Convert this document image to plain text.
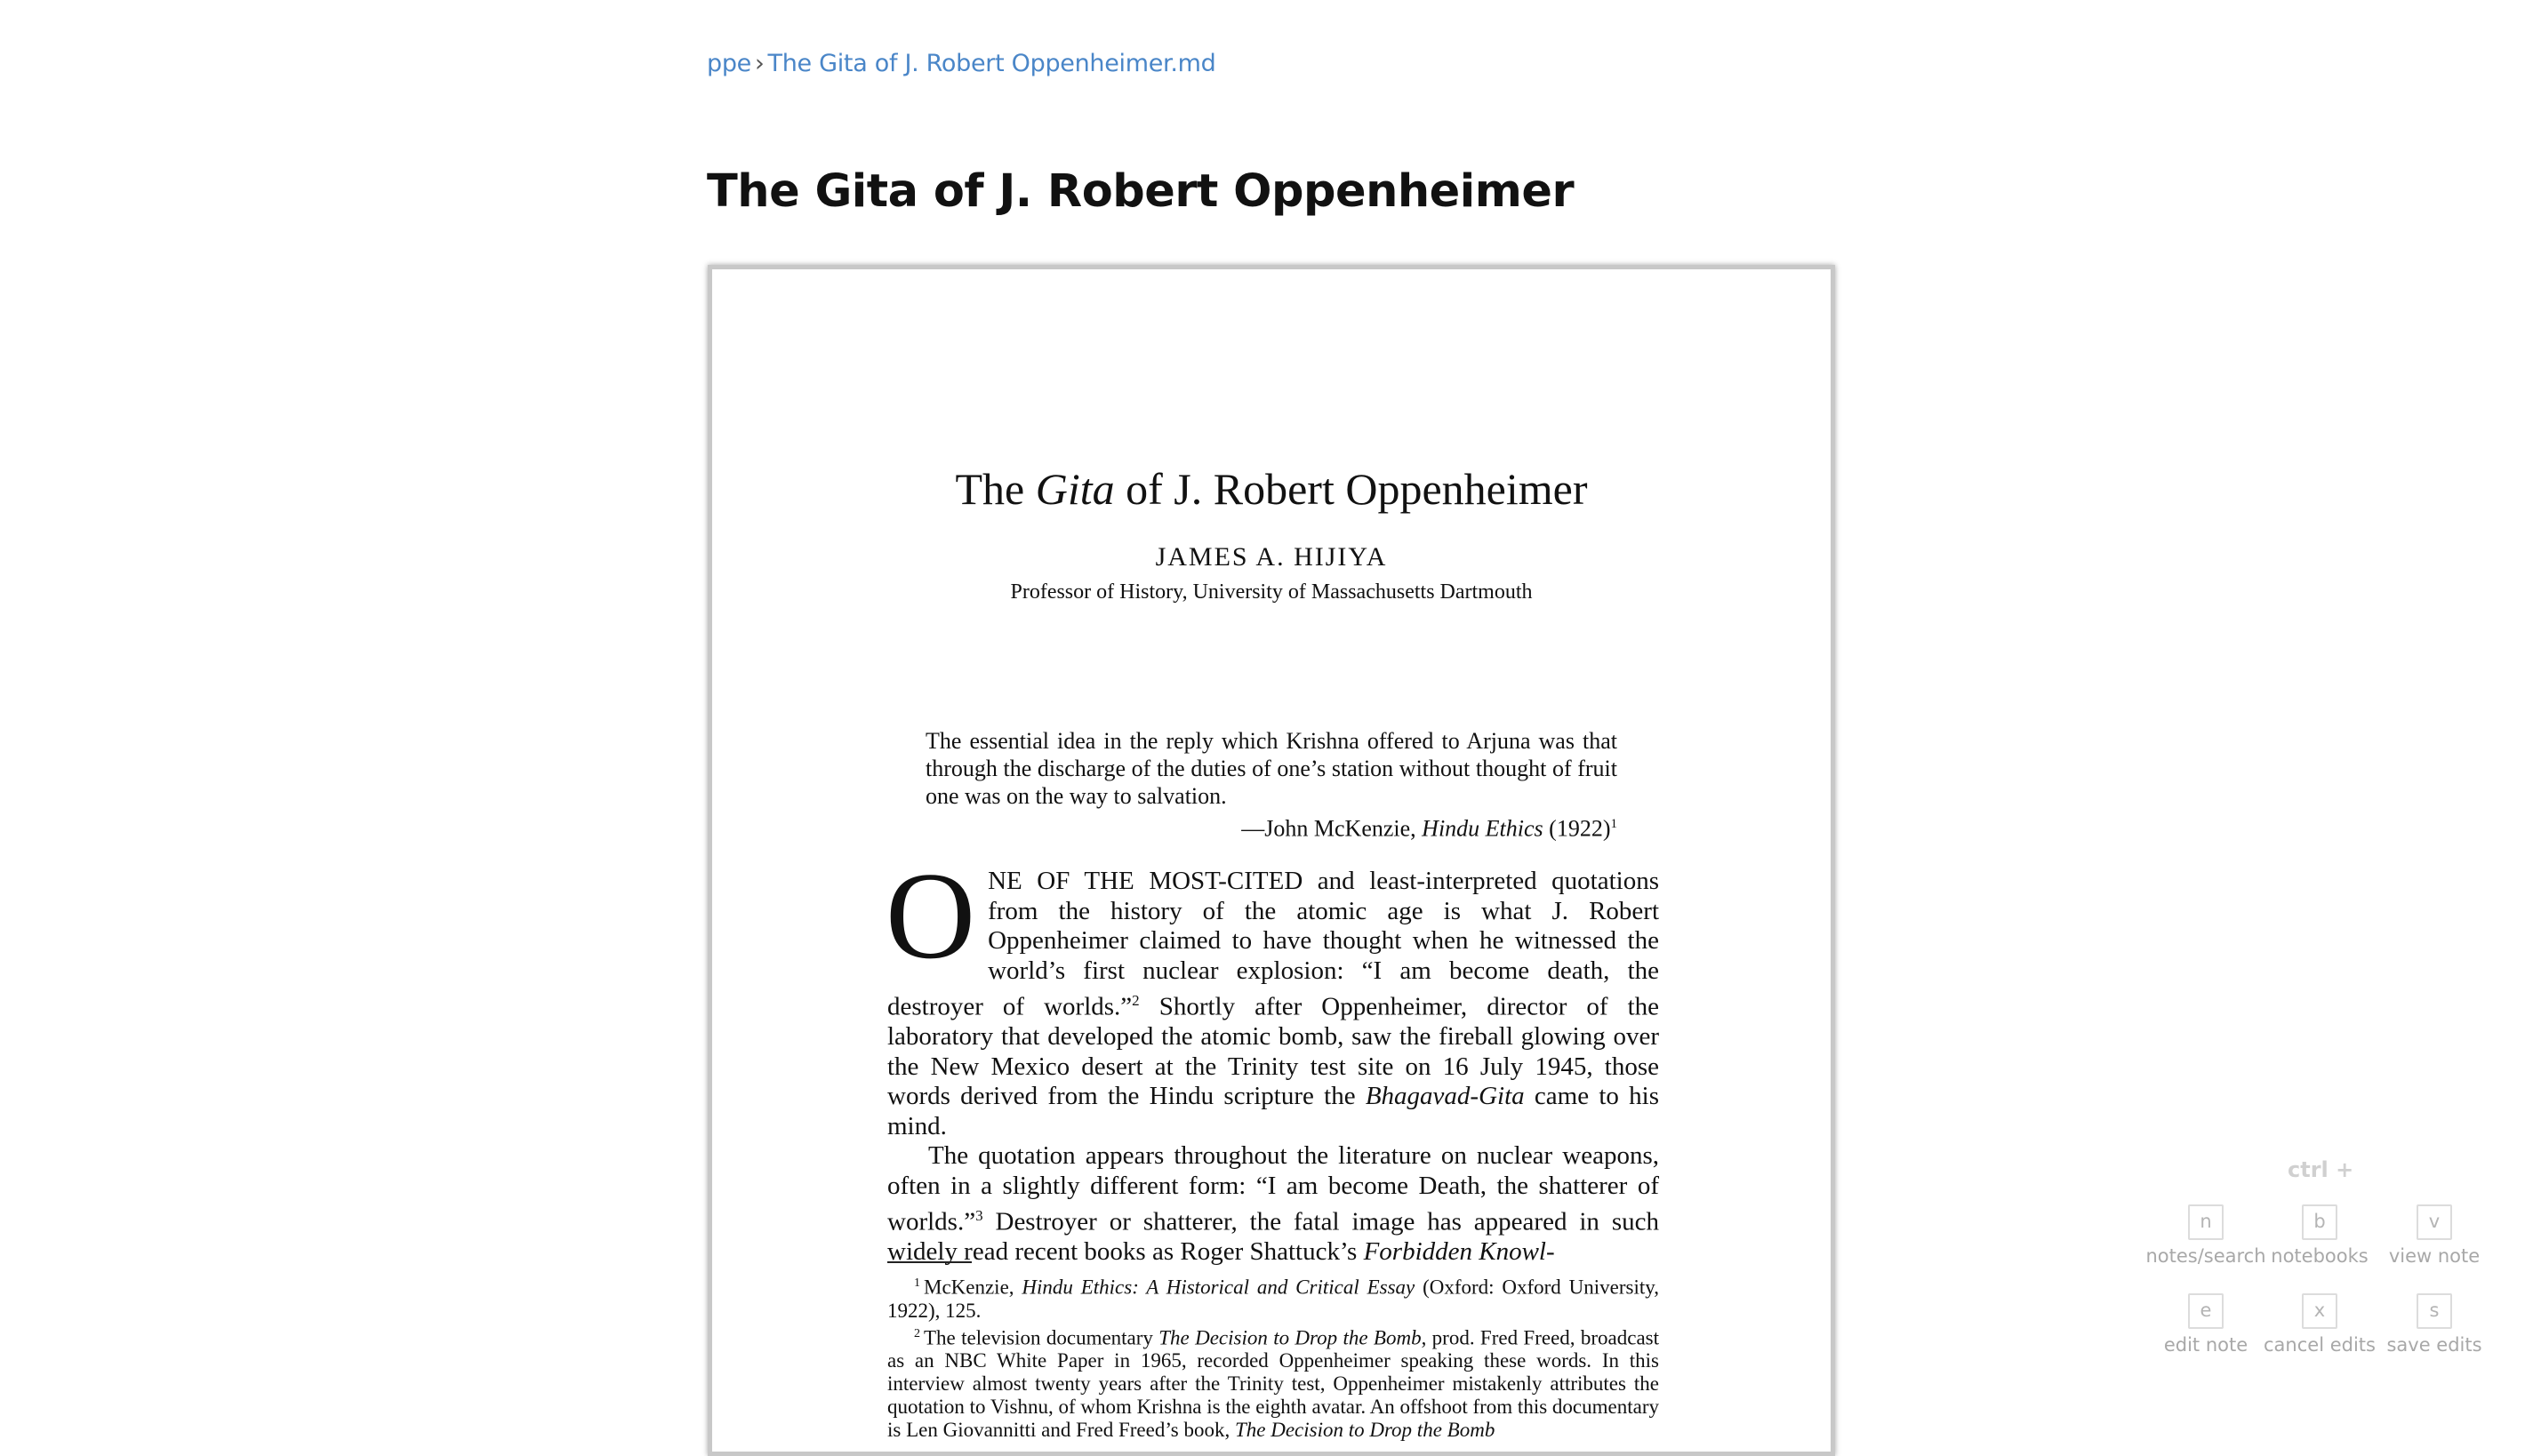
ppe › The Gita of J. Robert Oppenheimer.md
The Gita of J. Robert Oppenheimer
The Gita of J. Robert Oppenheimer
JAMES A. HIJIYA
Professor of History, University of Massachusetts Dartmouth
The essential idea in the reply which Krishna offered to Arjuna was that through the discharge of the duties of one’s station without thought of fruit one was on the way to salvation.
—John McKenzie, Hindu Ethics $(1922)^1$

ONE OF THE MOST-CITED and least-interpreted quotations from the history of the atomic age is what J. Robert Oppenheimer claimed to have thought when he witnessed the world’s first nuclear explosion: “I am become death, the destroyer of worlds.”$^2$ Shortly after Oppenheimer, director of the laboratory that developed the atomic bomb, saw the fireball glowing over the New Mexico desert at the Trinity test site on 16 July 1945, those words derived from the Hindu scripture the Bhagavad-Gita came to his mind.

The quotation appears throughout the literature on nuclear weapons, often in a slightly different form: “I am become Death, the shatterer of worlds.”$^3$ Destroyer or shatterer, the fatal image has appeared in such widely read recent books as Roger Shattuck’s Forbidden Knowl-

$^1$ McKenzie, Hindu Ethics: A Historical and Critical Essay (Oxford: Oxford University, 1922), 125.

$^2$ The television documentary The Decision to Drop the Bomb, prod. Fred Freed, broadcast as an NBC White Paper in 1965, recorded Oppenheimer speaking these words. In this interview almost twenty years after the Trinity test, Oppenheimer mistakenly attributes the quotation to Vishnu, of whom Krishna is the eighth avatar. An offshoot from this documentary is Len Giovannitti and Fred Freed’s book, The Decision to Drop the Bomb

ctrl +
n
notes/search
b
notebooks
v
view note
e
edit note
x
cancel edits
s
save edits
